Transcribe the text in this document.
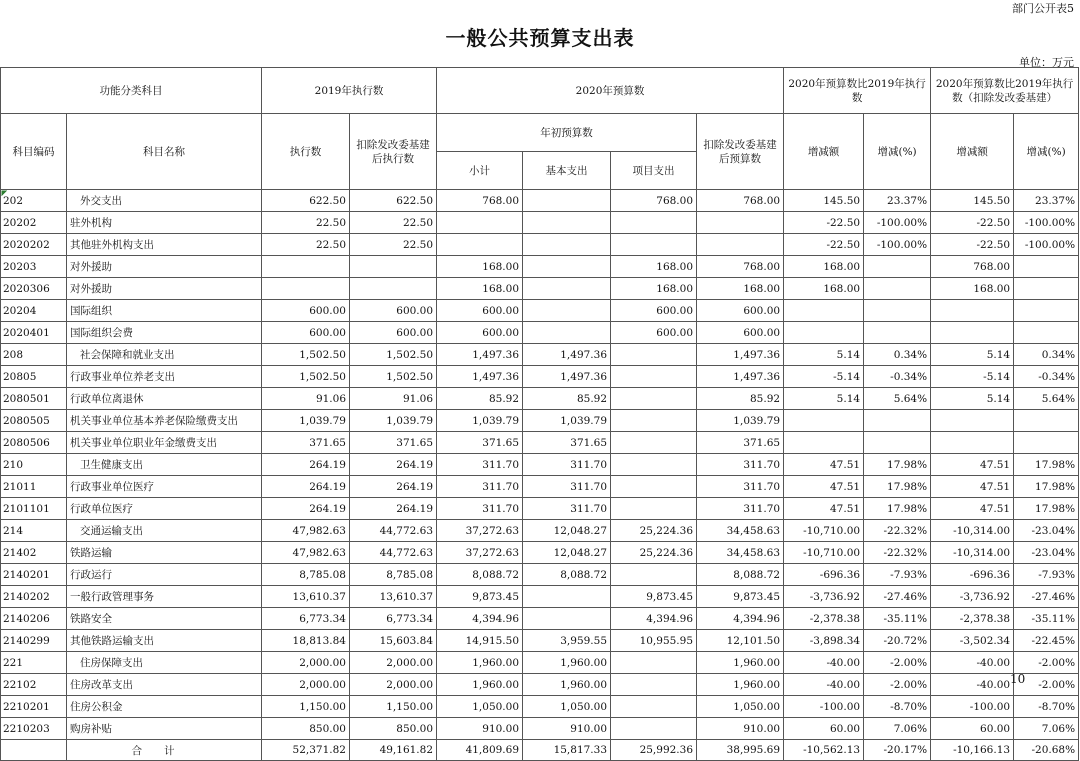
部门公开表5
一般公共预算支出表
单位：万元
功能分类科目		2019年执行数		2020年预算数				2020年预算数比2019年执行数		2020年预算数比2019年执行数（扣除发改委基建）	
科目编码	科目名称	执行数	扣除发改委基建后执行数	年初预算数			扣除发改委基建后预算数	增减额	增减(%)	增减额	增减(%)
				小计	基本支出	项目支出					
202	外交支出	622.50	622.50	768.00		768.00	768.00	145.50	23.37%	145.50	23.37%
20202	驻外机构	22.50	22.50					-22.50	-100.00%	-22.50	-100.00%
2020202	其他驻外机构支出	22.50	22.50					-22.50	-100.00%	-22.50	-100.00%
20203	对外援助			168.00		168.00	768.00	168.00		768.00	
2020306	对外援助			168.00		168.00	168.00	168.00		168.00	
20204	国际组织	600.00	600.00	600.00		600.00	600.00				
2020401	国际组织会费	600.00	600.00	600.00		600.00	600.00				
208	社会保障和就业支出	1,502.50	1,502.50	1,497.36	1,497.36		1,497.36	5.14	0.34%	5.14	0.34%
20805	行政事业单位养老支出	1,502.50	1,502.50	1,497.36	1,497.36		1,497.36	-5.14	-0.34%	-5.14	-0.34%
2080501	行政单位离退休	91.06	91.06	85.92	85.92		85.92	5.14	5.64%	5.14	5.64%
2080505	机关事业单位基本养老保险缴费支出	1,039.79	1,039.79	1,039.79	1,039.79		1,039.79				
2080506	机关事业单位职业年金缴费支出	371.65	371.65	371.65	371.65		371.65				
210	卫生健康支出	264.19	264.19	311.70	311.70		311.70	47.51	17.98%	47.51	17.98%
21011	行政事业单位医疗	264.19	264.19	311.70	311.70		311.70	47.51	17.98%	47.51	17.98%
2101101	行政单位医疗	264.19	264.19	311.70	311.70		311.70	47.51	17.98%	47.51	17.98%
214	交通运输支出	47,982.63	44,772.63	37,272.63	12,048.27	25,224.36	34,458.63	-10,710.00	-22.32%	-10,314.00	-23.04%
21402	铁路运输	47,982.63	44,772.63	37,272.63	12,048.27	25,224.36	34,458.63	-10,710.00	-22.32%	-10,314.00	-23.04%
2140201	行政运行	8,785.08	8,785.08	8,088.72	8,088.72		8,088.72	-696.36	-7.93%	-696.36	-7.93%
2140202	一般行政管理事务	13,610.37	13,610.37	9,873.45		9,873.45	9,873.45	-3,736.92	-27.46%	-3,736.92	-27.46%
2140206	铁路安全	6,773.34	6,773.34	4,394.96		4,394.96	4,394.96	-2,378.38	-35.11%	-2,378.38	-35.11%
2140299	其他铁路运输支出	18,813.84	15,603.84	14,915.50	3,959.55	10,955.95	12,101.50	-3,898.34	-20.72%	-3,502.34	-22.45%
221	住房保障支出	2,000.00	2,000.00	1,960.00	1,960.00		1,960.00	-40.00	-2.00%	-40.00	-2.00%
22102	住房改革支出	2,000.00	2,000.00	1,960.00	1,960.00		1,960.00	-40.00	-2.00%	-40.00	-2.00%
2210201	住房公积金	1,150.00	1,150.00	1,050.00	1,050.00		1,050.00	-100.00	-8.70%	-100.00	-8.70%
2210203	购房补贴	850.00	850.00	910.00	910.00		910.00	60.00	7.06%	60.00	7.06%
	合计	52,371.82	49,161.82	41,809.69	15,817.33	25,992.36	38,995.69	-10,562.13	-20.17%	-10,166.13	-20.68%
10
